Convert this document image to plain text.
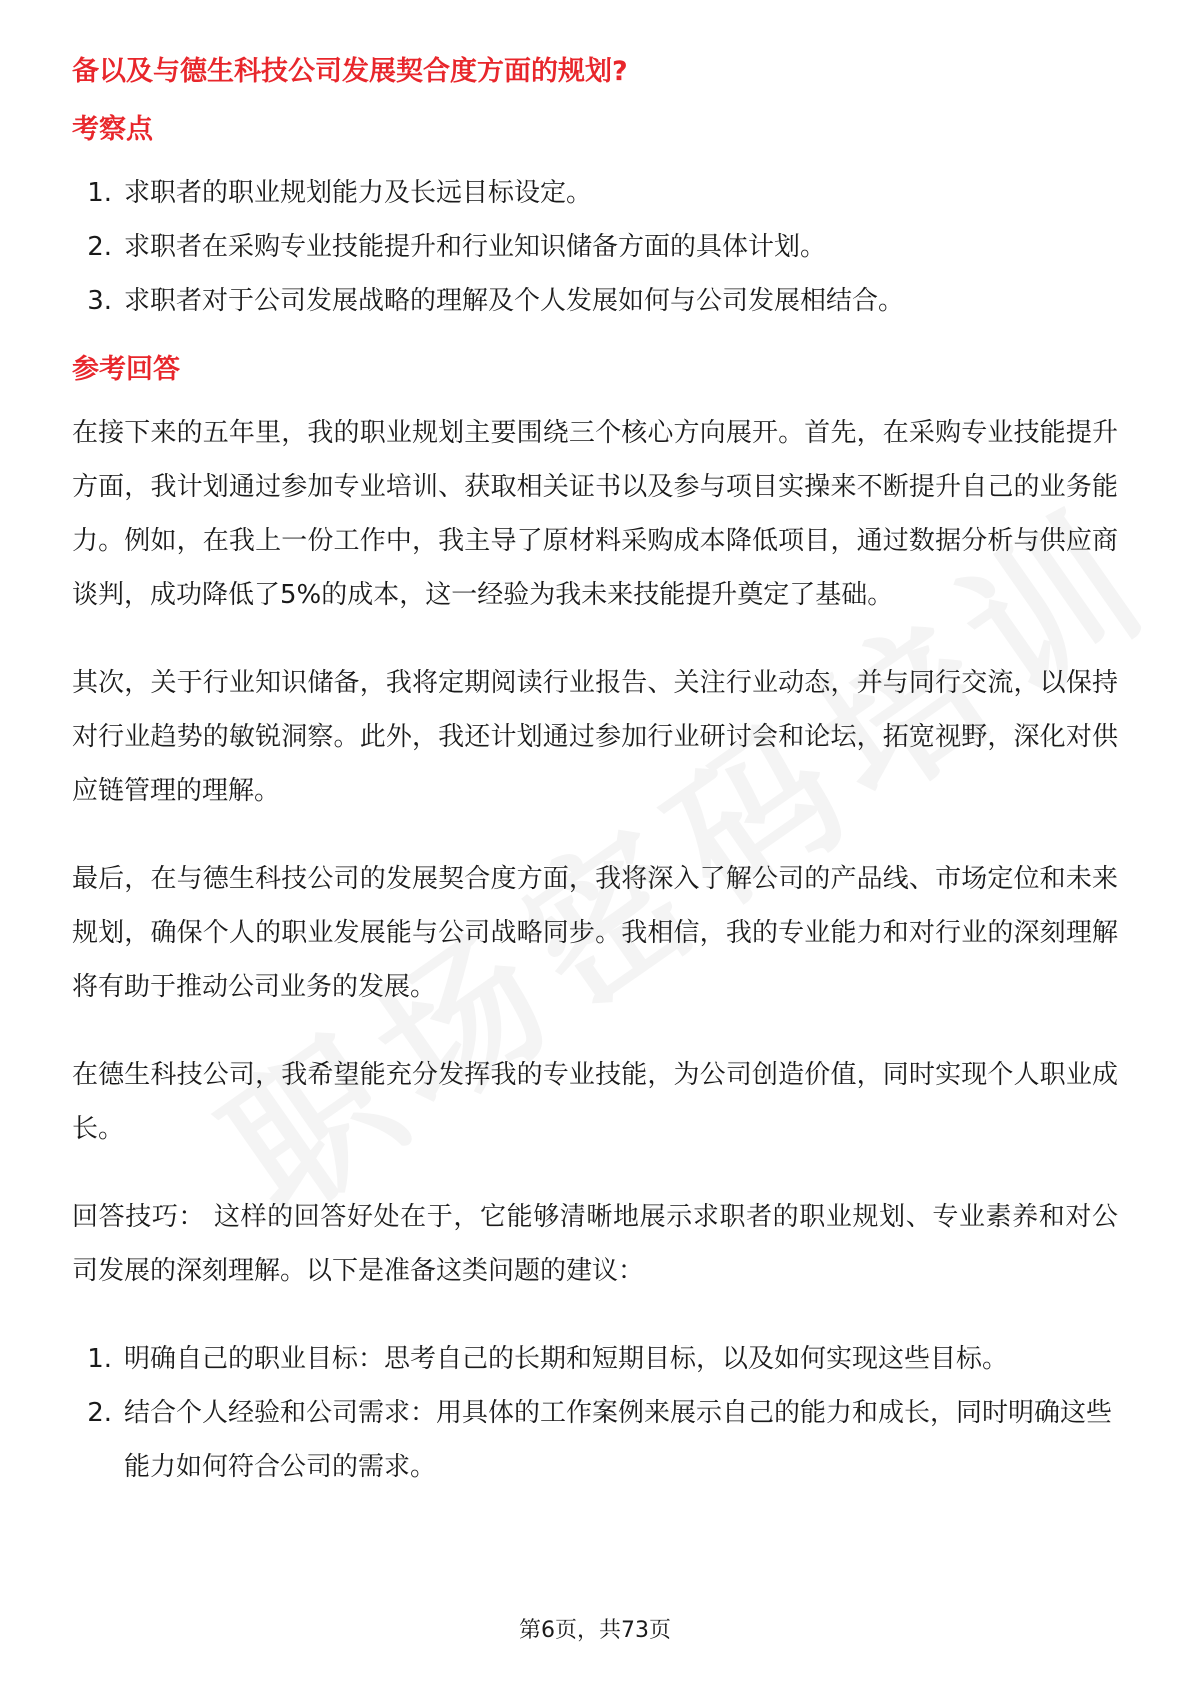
备以及与德生科技公司发展契合度方面的规划?
考察点
1. 求职者的职业规划能力及长远目标设定。
2. 求职者在采购专业技能提升和行业知识储备方面的具体计划。
3. 求职者对于公司发展战略的理解及个人发展如何与公司发展相结合。
参考回答

在接下来的五年里，我的职业规划主要围绕三个核心方向展开。首先，在采购专业技能提升方面，我计划通过参加专业培训、获取相关证书以及参与项目实操来不断提升自己的业务能力。例如，在我上一份工作中，我主导了原材料采购成本降低项目，通过数据分析与供应商谈判，成功降低了5%的成本，这一经验为我未来技能提升奠定了基础。

其次，关于行业知识储备，我将定期阅读行业报告、关注行业动态，并与同行交流，以保持对行业趋势的敏锐洞察。此外，我还计划通过参加行业研讨会和论坛，拓宽视野，深化对供应链管理的理解。

最后，在与德生科技公司的发展契合度方面，我将深入了解公司的产品线、市场定位和未来规划，确保个人的职业发展能与公司战略同步。我相信，我的专业能力和对行业的深刻理解将有助于推动公司业务的发展。

在德生科技公司，我希望能充分发挥我的专业技能，为公司创造价值，同时实现个人职业成长。

回答技巧： 这样的回答好处在于，它能够清晰地展示求职者的职业规划、专业素养和对公司发展的深刻理解。以下是准备这类问题的建议：

1. 明确自己的职业目标：思考自己的长期和短期目标，以及如何实现这些目标。
2. 结合个人经验和公司需求：用具体的工作案例来展示自己的能力和成长，同时明确这些能力如何符合公司的需求。
第6页，共73页
